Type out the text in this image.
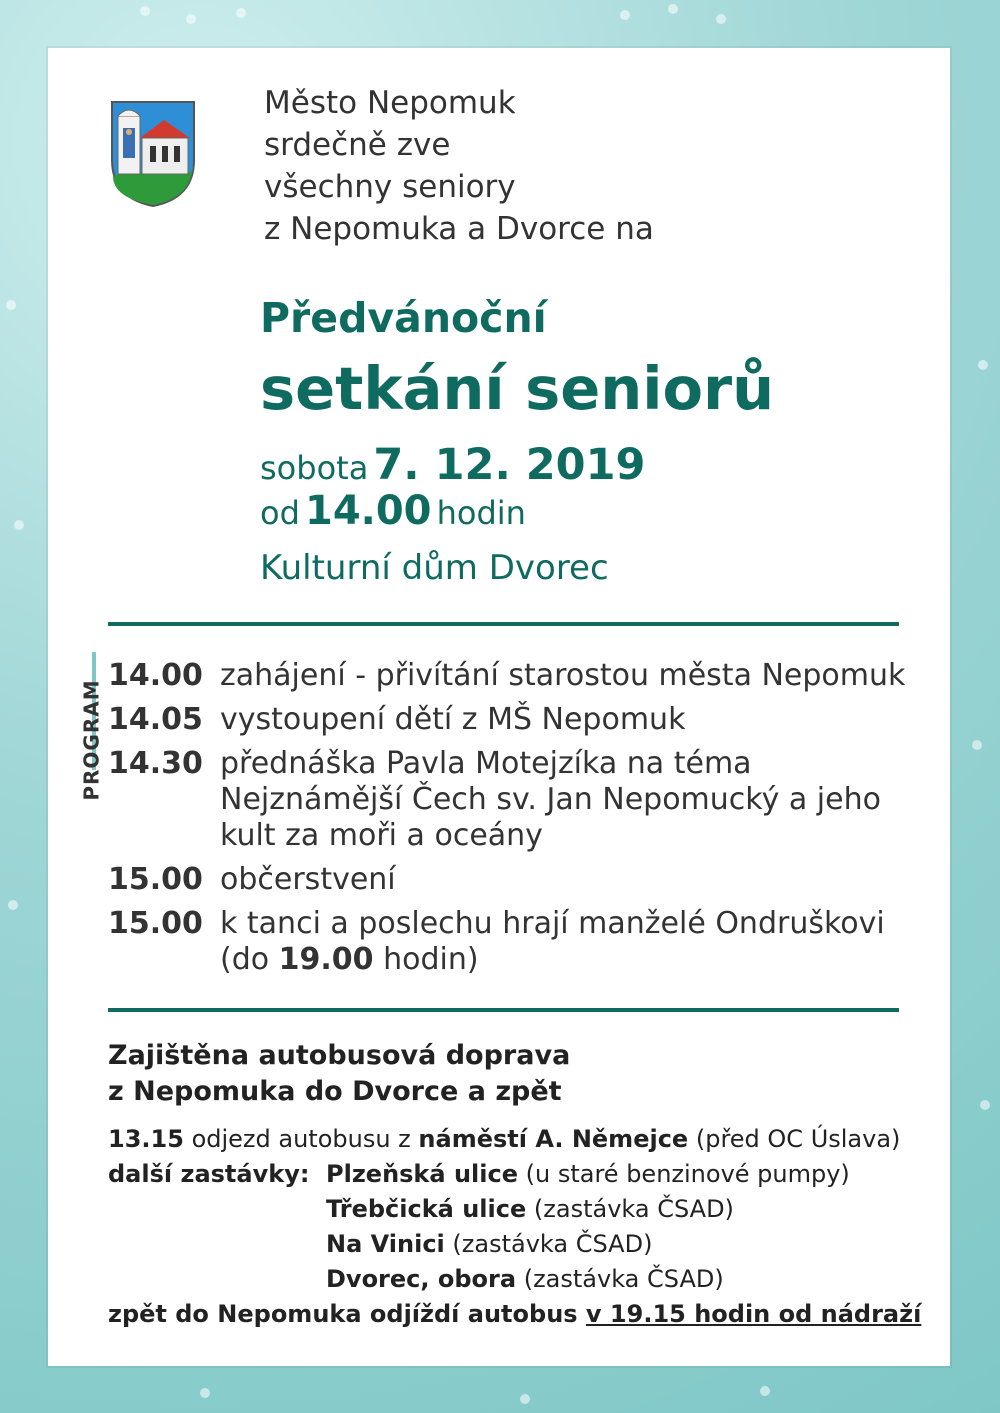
Město Nepomuk
srdečně zve
všechny seniory
z Nepomuka a Dvorce na
Předvánoční
setkání seniorů
sobota 7. 12. 2019
od 14.00 hodin
Kulturní dům Dvorec
PROGRAM
14.00 zahájení - přivítání starostou města Nepomuk
14.05 vystoupení dětí z MŠ Nepomuk
14.30 přednáška Pavla Motejzíka na téma Nejznámější Čech sv. Jan Nepomucký a jeho kult za moři a oceány
15.00 občerstvení
15.00 k tanci a poslechu hrají manželé Ondruškovi
(do 19.00 hodin)
Zajištěna autobusová doprava
z Nepomuka do Dvorce a zpět
13.15 odjezd autobusu z náměstí A. Němejce (před OC Úslava)
další zastávky: Plzeňská ulice (u staré benzinové pumpy)
Třebčická ulice (zastávka ČSAD)
Na Vinici (zastávka ČSAD)
Dvorec, obora (zastávka ČSAD)
zpět do Nepomuka odjíždí autobus v 19.15 hodin od nádraží
